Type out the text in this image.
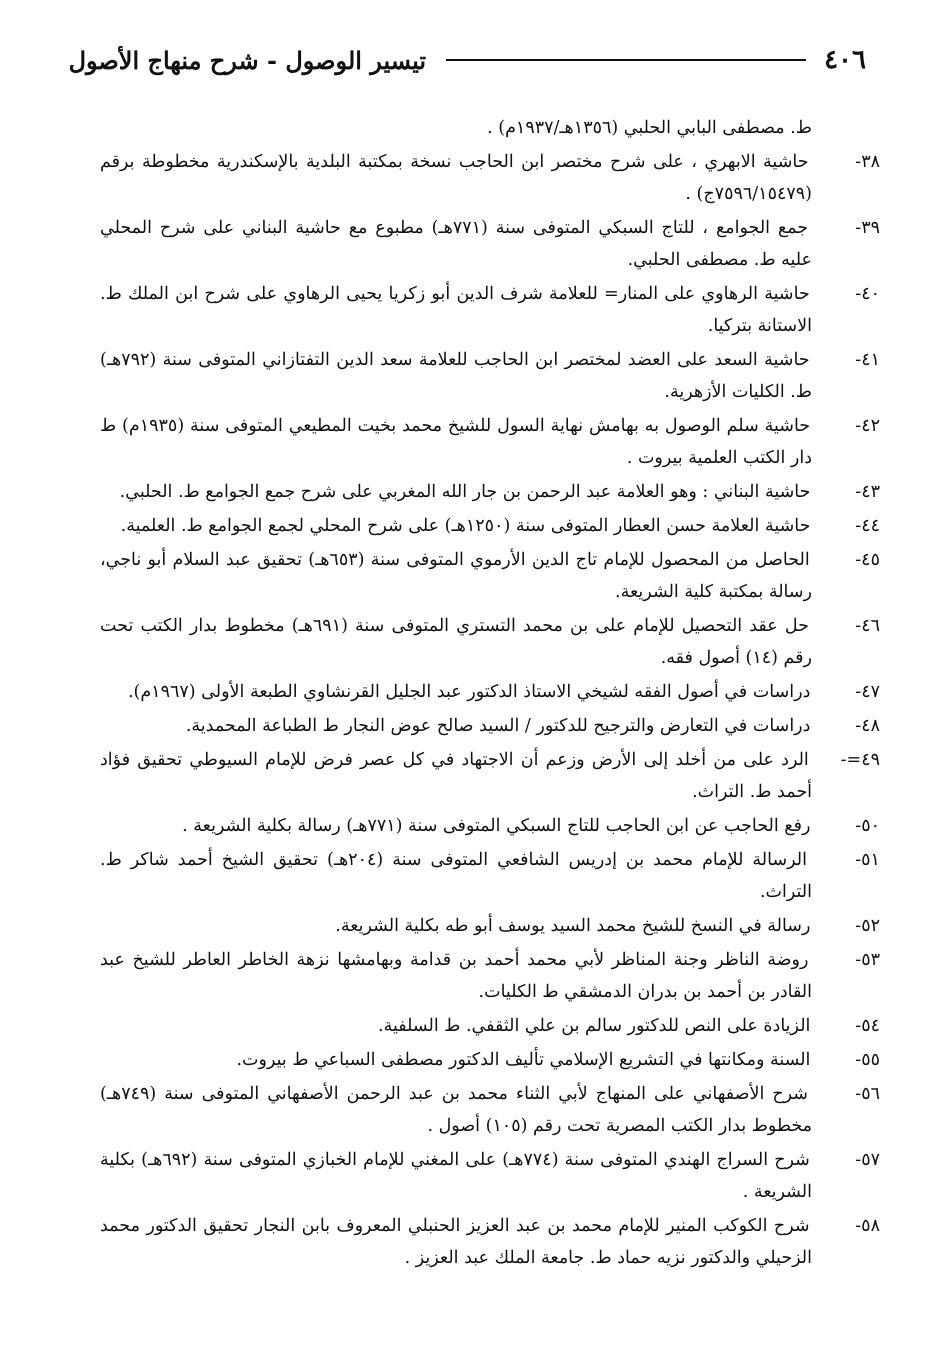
٤٠٦
تيسير الوصول - شرح منهاج الأصول

ط. مصطفى البابي الحلبي (١٣٥٦هـ/١٩٣٧م) .

٣٨- حاشية الابهري ، على شرح مختصر ابن الحاجب نسخة بمكتبة البلدية بالإسكندرية مخطوطة برقم (٧٥٩٦/١٥٤٧٩ج) .

٣٩- جمع الجوامع ، للتاج السبكي المتوفى سنة (٧٧١هـ) مطبوع مع حاشية البناني على شرح المحلي عليه ط. مصطفى الحلبي.

٤٠- حاشية الرهاوي على المنار= للعلامة شرف الدين أبو زكريا يحيى الرهاوي على شرح ابن الملك ط. الاستانة بتركيا.

٤١- حاشية السعد على العضد لمختصر ابن الحاجب للعلامة سعد الدين التفتازاني المتوفى سنة (٧٩٢هـ) ط. الكليات الأزهرية.

٤٢- حاشية سلم الوصول به بهامش نهاية السول للشيخ محمد بخيت المطيعي المتوفى سنة (١٩٣٥م) ط دار الكتب العلمية بيروت .

٤٣- حاشية البناني : وهو العلامة عبد الرحمن بن جار الله المغربي على شرح جمع الجوامع ط. الحلبي.

٤٤- حاشية العلامة حسن العطار المتوفى سنة (١٢٥٠هـ) على شرح المحلي لجمع الجوامع ط. العلمية.

٤٥- الحاصل من المحصول للإمام تاج الدين الأرموي المتوفى سنة (٦٥٣هـ) تحقيق عبد السلام أبو ناجي، رسالة بمكتبة كلية الشريعة.

٤٦- حل عقد التحصيل للإمام على بن محمد التستري المتوفى سنة (٦٩١هـ) مخطوط بدار الكتب تحت رقم (١٤) أصول فقه.

٤٧- دراسات في أصول الفقه لشيخي الاستاذ الدكتور عبد الجليل القرنشاوي الطبعة الأولى (١٩٦٧م).

٤٨- دراسات في التعارض والترجيح للدكتور / السيد صالح عوض النجار ط الطباعة المحمدية.

٤٩=- الرد على من أخلد إلى الأرض وزعم أن الاجتهاد في كل عصر فرض للإمام السيوطي تحقيق فؤاد أحمد ط. التراث.

٥٠- رفع الحاجب عن ابن الحاجب للتاج السبكي المتوفى سنة (٧٧١هـ) رسالة بكلية الشريعة .

٥١- الرسالة للإمام محمد بن إدريس الشافعي المتوفى سنة (٢٠٤هـ) تحقيق الشيخ أحمد شاكر ط. التراث.

٥٢- رسالة في النسخ للشيخ محمد السيد يوسف أبو طه بكلية الشريعة.

٥٣- روضة الناظر وجنة المناظر لأبي محمد أحمد بن قدامة وبهامشها نزهة الخاطر العاطر للشيخ عبد القادر بن أحمد بن بدران الدمشقي ط الكليات.

٥٤- الزيادة على النص للدكتور سالم بن علي الثقفي. ط السلفية.

٥٥- السنة ومكانتها في التشريع الإسلامي تأليف الدكتور مصطفى السباعي ط بيروت.

٥٦- شرح الأصفهاني على المنهاج لأبي الثناء محمد بن عبد الرحمن الأصفهاني المتوفى سنة (٧٤٩هـ) مخطوط بدار الكتب المصرية تحت رقم (١٠٥) أصول .

٥٧- شرح السراج الهندي المتوفى سنة (٧٧٤هـ) على المغني للإمام الخبازي المتوفى سنة (٦٩٢هـ) بكلية الشريعة .

٥٨- شرح الكوكب المنير للإمام محمد بن عبد العزيز الحنبلي المعروف بابن النجار تحقيق الدكتور محمد الزحيلي والدكتور نزيه حماد ط. جامعة الملك عبد العزيز .
